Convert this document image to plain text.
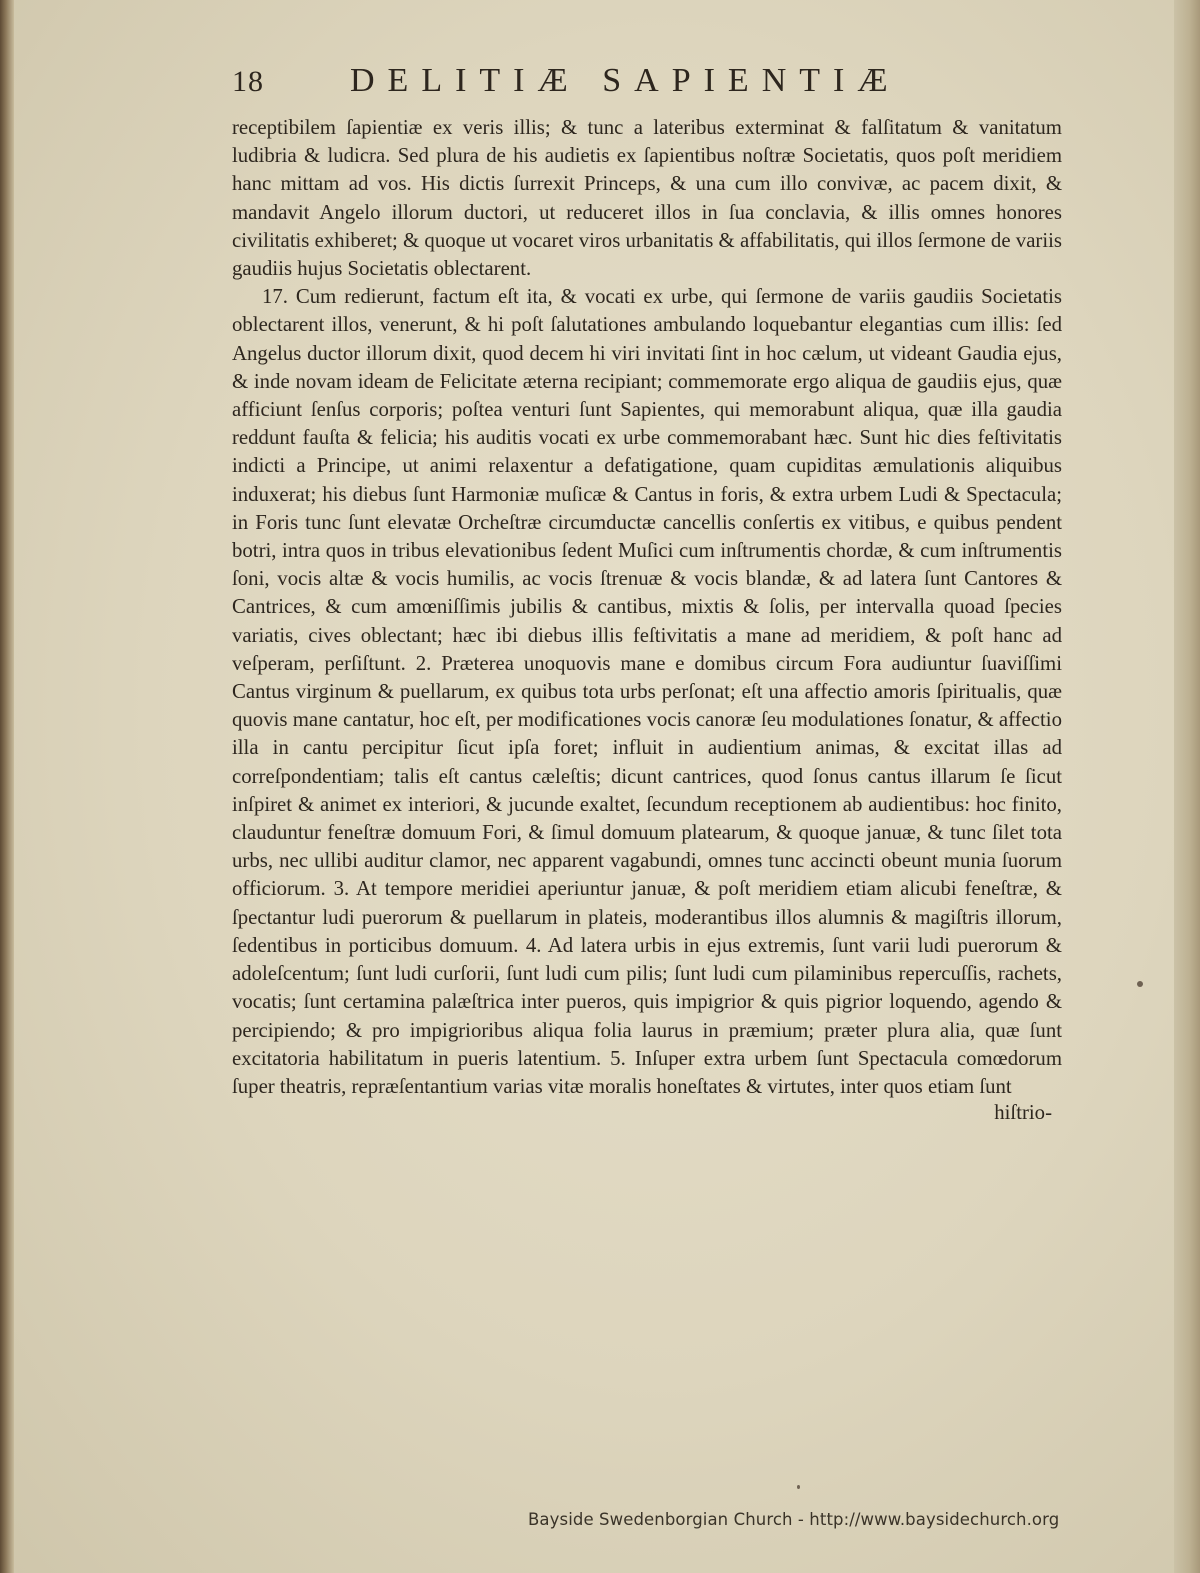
18	DELITIÆ SAPIENTIÆ

receptibilem ſapientiæ ex veris illis; & tunc a lateribus exterminat & falſitatum & vanitatum ludibria & ludicra. Sed plura de his audietis ex ſapientibus noſtræ Societatis, quos poſt meridiem hanc mittam ad vos. His dictis ſurrexit Princeps, & una cum illo convivæ, ac pacem dixit, & mandavit Angelo illorum ductori, ut reduceret illos in ſua conclavia, & illis omnes honores civilitatis exhiberet; & quoque ut vocaret viros urbanitatis & affabilitatis, qui illos ſermone de variis gaudiis hujus Societatis oblectarent.

17. Cum redierunt, factum eſt ita, & vocati ex urbe, qui ſermone de variis gaudiis Societatis oblectarent illos, venerunt, & hi poſt ſalutationes ambulando loquebantur elegantias cum illis: ſed Angelus ductor illorum dixit, quod decem hi viri invitati ſint in hoc cælum, ut videant Gaudia ejus, & inde novam ideam de Felicitate æterna recipiant; commemorate ergo aliqua de gaudiis ejus, quæ afficiunt ſenſus corporis; poſtea venturi ſunt Sapientes, qui memorabunt aliqua, quæ illa gaudia reddunt fauſta & felicia; his auditis vocati ex urbe commemorabant hæc. Sunt hic dies feſtivitatis indicti a Principe, ut animi relaxentur a defatigatione, quam cupiditas æmulationis aliquibus induxerat; his diebus ſunt Harmoniæ muſicæ & Cantus in foris, & extra urbem Ludi & Spectacula; in Foris tunc ſunt elevatæ Orcheſtræ circumductæ cancellis conſertis ex vitibus, e quibus pendent botri, intra quos in tribus elevationibus ſedent Muſici cum inſtrumentis chordæ, & cum inſtrumentis ſoni, vocis altæ & vocis humilis, ac vocis ſtrenuæ & vocis blandæ, & ad latera ſunt Cantores & Cantrices, & cum amœniſſimis jubilis & cantibus, mixtis & ſolis, per intervalla quoad ſpecies variatis, cives oblectant; hæc ibi diebus illis feſtivitatis a mane ad meridiem, & poſt hanc ad veſperam, perſiſtunt. 2. Præterea unoquovis mane e domibus circum Fora audiuntur ſuaviſſimi Cantus virginum & puellarum, ex quibus tota urbs perſonat; eſt una affectio amoris ſpiritualis, quæ quovis mane cantatur, hoc eſt, per modificationes vocis canoræ ſeu modulationes ſonatur, & affectio illa in cantu percipitur ſicut ipſa foret; influit in audientium animas, & excitat illas ad correſpondentiam; talis eſt cantus cæleſtis; dicunt cantrices, quod ſonus cantus illarum ſe ſicut inſpiret & animet ex interiori, & jucunde exaltet, ſecundum receptionem ab audientibus: hoc finito, clauduntur feneſtræ domuum Fori, & ſimul domuum platearum, & quoque januæ, & tunc ſilet tota urbs, nec ullibi auditur clamor, nec apparent vagabundi, omnes tunc accincti obeunt munia ſuorum officiorum. 3. At tempore meridiei aperiuntur januæ, & poſt meridiem etiam alicubi feneſtræ, & ſpectantur ludi puerorum & puellarum in plateis, moderantibus illos alumnis & magiſtris illorum, ſedentibus in porticibus domuum. 4. Ad latera urbis in ejus extremis, ſunt varii ludi puerorum & adoleſcentum; ſunt ludi curſorii, ſunt ludi cum pilis; ſunt ludi cum pilaminibus repercuſſis, rachets, vocatis; ſunt certamina palæſtrica inter pueros, quis impigrior & quis pigrior loquendo, agendo & percipiendo; & pro impigrioribus aliqua folia laurus in præmium; præter plura alia, quæ ſunt excitatoria habilitatum in pueris latentium. 5. Inſuper extra urbem ſunt Spectacula comœdorum ſuper theatris, repræſentantium varias vitæ moralis honeſtates & virtutes, inter quos etiam ſunt

hiſtrio-
Bayside Swedenborgian Church - http://www.baysidechurch.org
